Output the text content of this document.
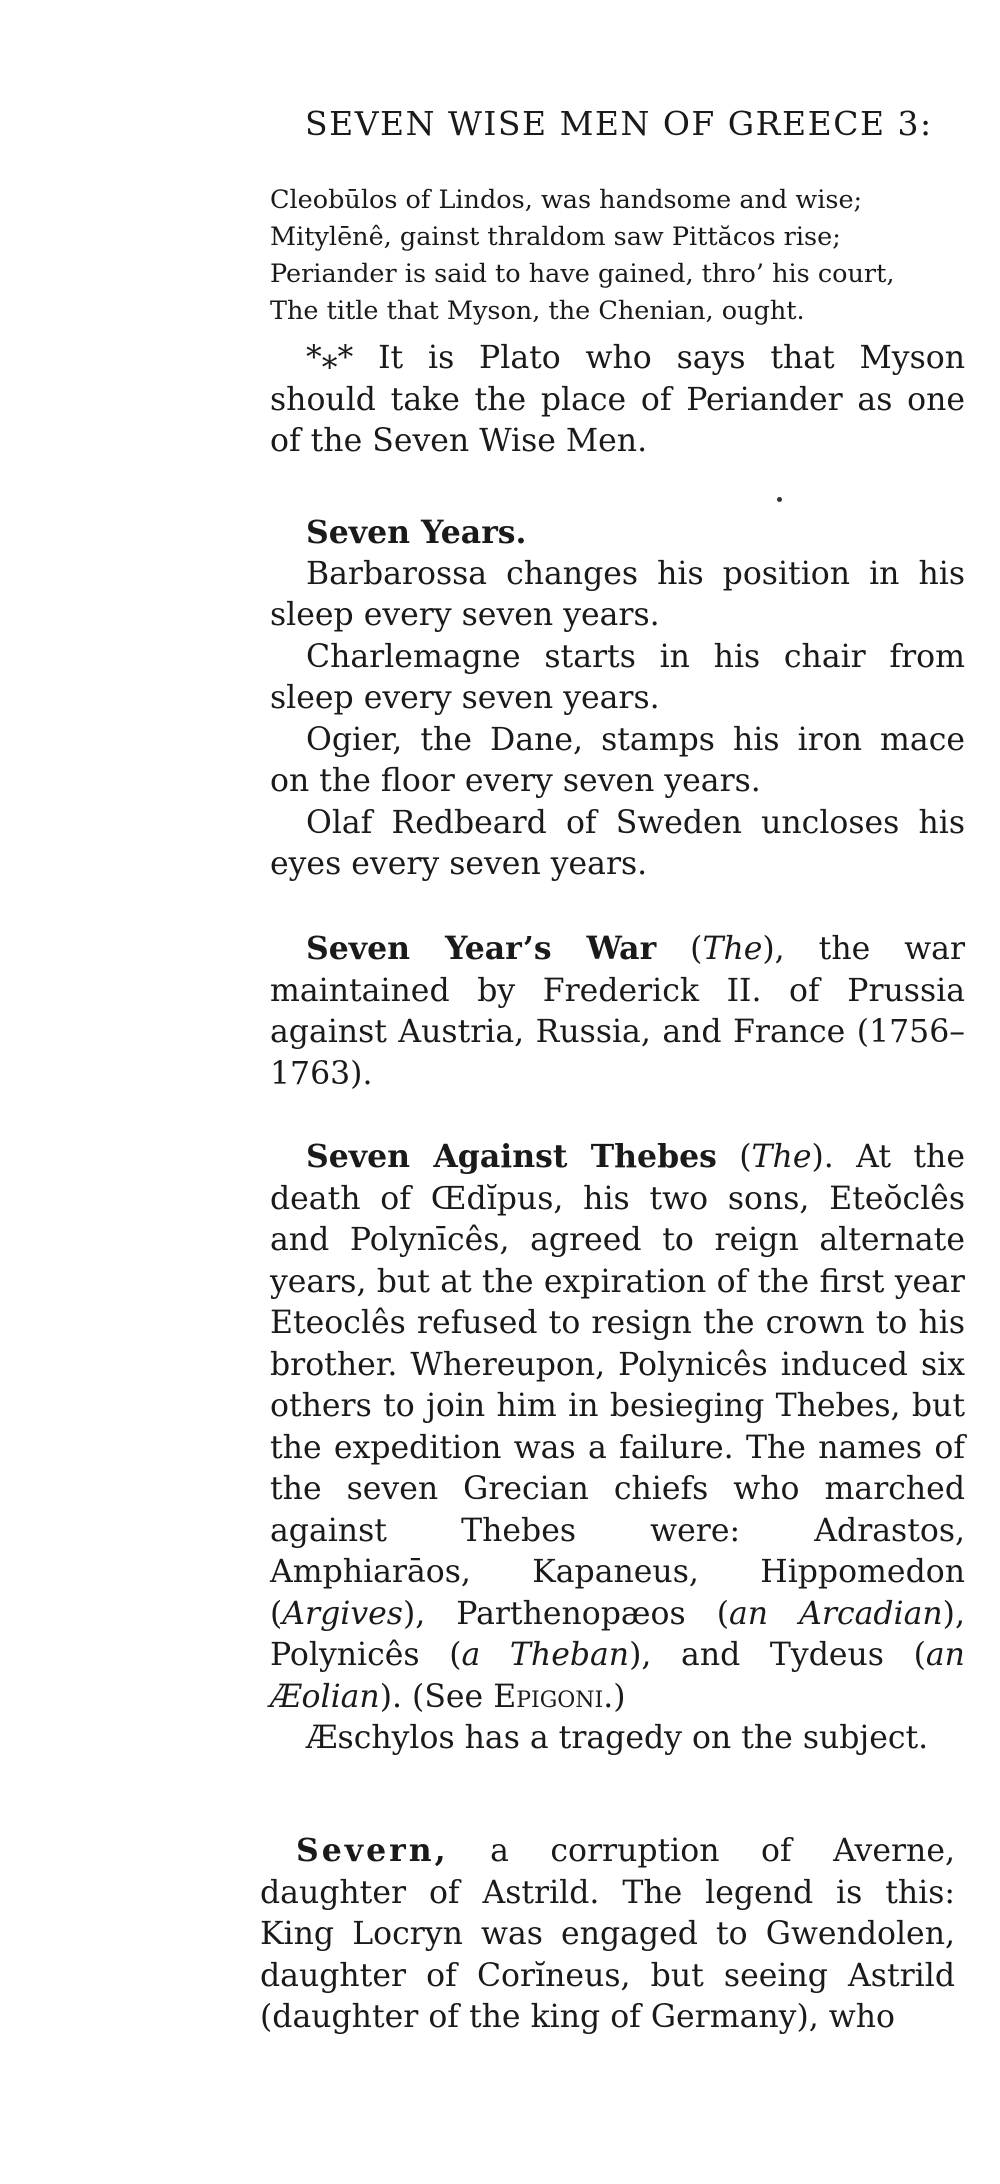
SEVEN WISE MEN OF GREECE 3:
Cleobūlos of Lindos, was handsome and wise;
Mitylēnê, gainst thraldom saw Pittăcos rise;
Periander is said to have gained, thro’ his court,
The title that Myson, the Chenian, ought.

*⁎* It is Plato who says that Myson should take the place of Periander as one of the Seven Wise Men.

Seven Years.

Barbarossa changes his position in his sleep every seven years.

Charlemagne starts in his chair from sleep every seven years.

Ogier, the Dane, stamps his iron mace on the floor every seven years.

Olaf Redbeard of Sweden uncloses his eyes every seven years.

Seven Year’s War (The), the war maintained by Frederick II. of Prussia against Austria, Russia, and France (1756–1763).

Seven Against Thebes (The). At the death of Œdĭpus, his two sons, Eteŏclês and Polynīcês, agreed to reign alternate years, but at the expiration of the first year Eteoclês refused to resign the crown to his brother. Whereupon, Polynicês induced six others to join him in besieging Thebes, but the expedition was a failure. The names of the seven Grecian chiefs who marched against Thebes were: Adrastos, Amphiarāos, Kapaneus, Hippomedon (Argives), Parthenopæos (an Arcadian), Polynicês (a Theban), and Tydeus (an Æolian). (See Epigoni.)

Æschylos has a tragedy on the subject.

Severn, a corruption of Averne, daughter of Astrild. The legend is this: King Locryn was engaged to Gwendolen, daughter of Corĭneus, but seeing Astrild (daughter of the king of Germany), who
